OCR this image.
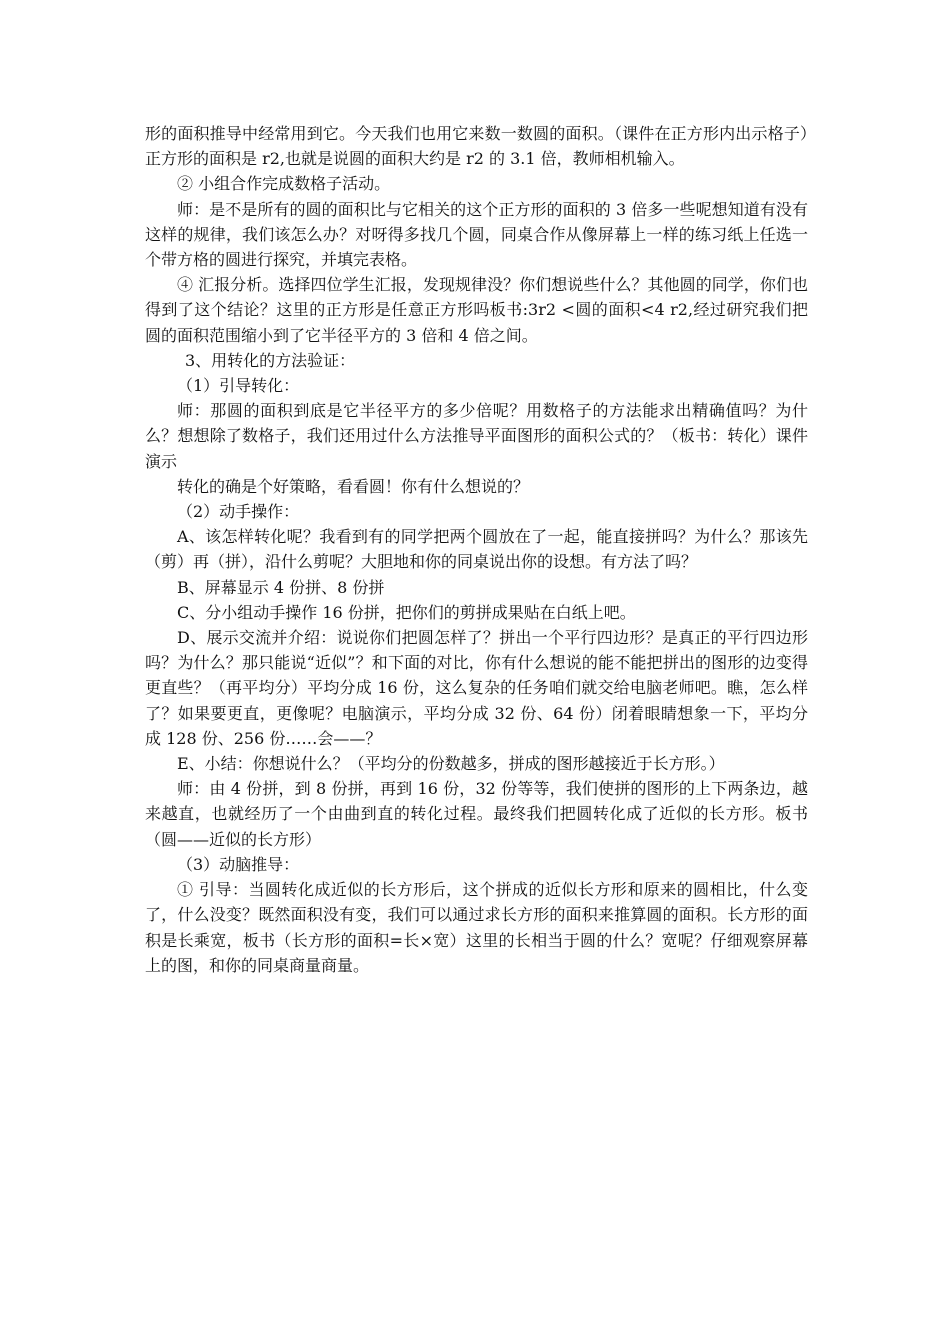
形的面积推导中经常用到它。今天我们也用它来数一数圆的面积。（课件在正方形内出示格子）正方形的面积是 r2,也就是说圆的面积大约是 r2 的 3.1 倍，教师相机输入。

② 小组合作完成数格子活动。

师：是不是所有的圆的面积比与它相关的这个正方形的面积的 3 倍多一些呢想知道有没有这样的规律，我们该怎么办？对呀得多找几个圆，同桌合作从像屏幕上一样的练习纸上任选一个带方格的圆进行探究，并填完表格。

④ 汇报分析。选择四位学生汇报，发现规律没？你们想说些什么？其他圆的同学，你们也得到了这个结论？这里的正方形是任意正方形吗板书:3r2 <圆的面积<4 r2,经过研究我们把圆的面积范围缩小到了它半径平方的 3 倍和 4 倍之间。

3、用转化的方法验证：

（1）引导转化：

师：那圆的面积到底是它半径平方的多少倍呢？用数格子的方法能求出精确值吗？为什么？想想除了数格子，我们还用过什么方法推导平面图形的面积公式的？（板书：转化）课件演示

转化的确是个好策略，看看圆！你有什么想说的？

（2）动手操作：

A、该怎样转化呢？我看到有的同学把两个圆放在了一起，能直接拼吗？为什么？那该先（剪）再（拼），沿什么剪呢？大胆地和你的同桌说出你的设想。有方法了吗？

B、屏幕显示 4 份拼、8 份拼

C、分小组动手操作 16 份拼，把你们的剪拼成果贴在白纸上吧。

D、展示交流并介绍：说说你们把圆怎样了？拼出一个平行四边形？是真正的平行四边形吗？为什么？那只能说“近似”？和下面的对比，你有什么想说的能不能把拼出的图形的边变得更直些？（再平均分）平均分成 16 份，这么复杂的任务咱们就交给电脑老师吧。瞧，怎么样了？如果要更直，更像呢？电脑演示，平均分成 32 份、64 份）闭着眼睛想象一下，平均分成 128 份、256 份……会——？

E、小结：你想说什么？（平均分的份数越多，拼成的图形越接近于长方形。）

师：由 4 份拼，到 8 份拼，再到 16 份，32 份等等，我们使拼的图形的上下两条边，越来越直，也就经历了一个由曲到直的转化过程。最终我们把圆转化成了近似的长方形。板书（圆——近似的长方形）

（3）动脑推导：

① 引导：当圆转化成近似的长方形后，这个拼成的近似长方形和原来的圆相比，什么变了，什么没变？既然面积没有变，我们可以通过求长方形的面积来推算圆的面积。长方形的面积是长乘宽，板书（长方形的面积=长×宽）这里的长相当于圆的什么？宽呢？仔细观察屏幕上的图，和你的同桌商量商量。
